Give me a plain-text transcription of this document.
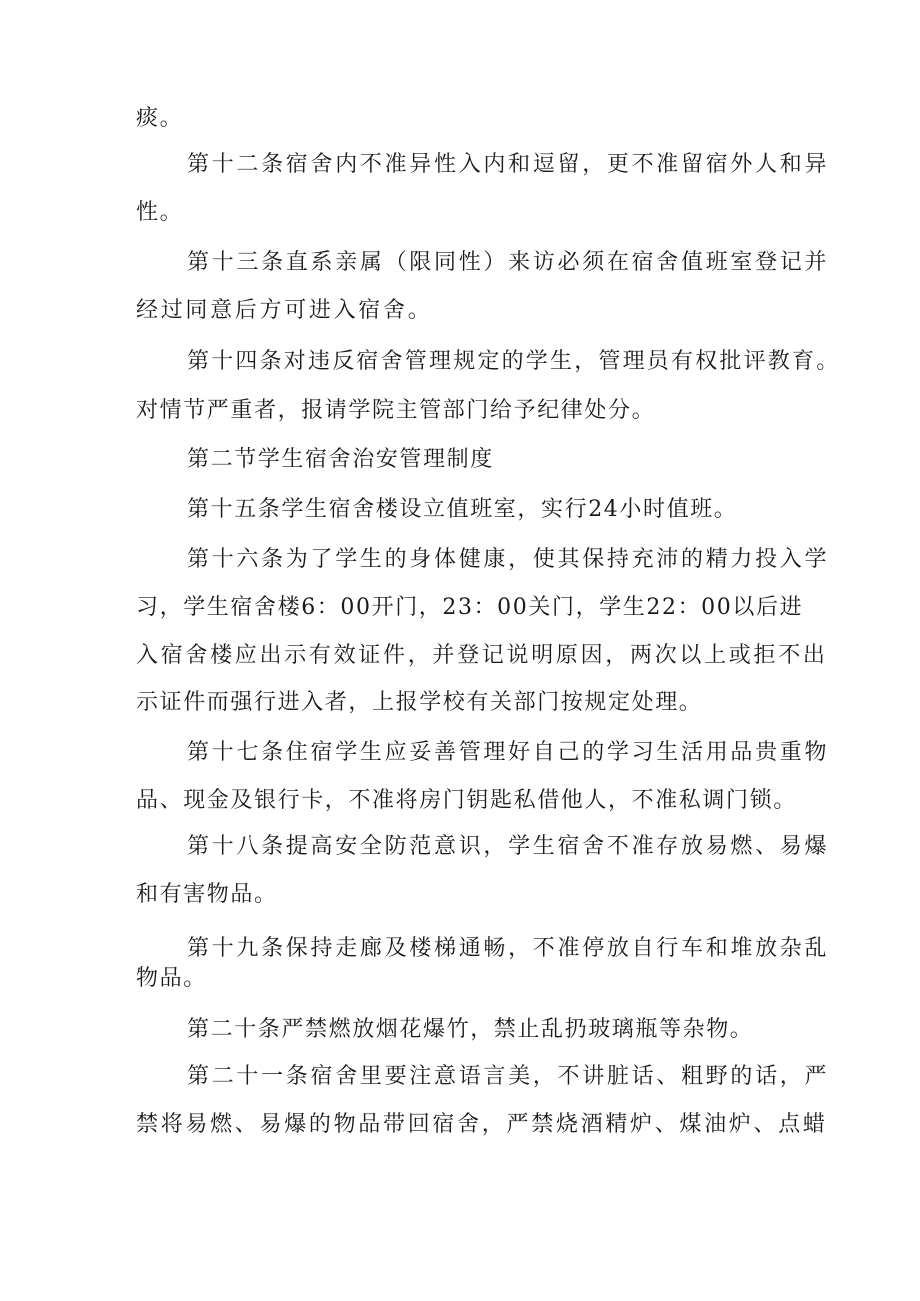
痰。
第十二条宿舍内不准异性入内和逗留，更不准留宿外人和异
性。
第十三条直系亲属（限同性）来访必须在宿舍值班室登记并
经过同意后方可进入宿舍。
第十四条对违反宿舍管理规定的学生，管理员有权批评教育。
对情节严重者，报请学院主管部门给予纪律处分。
第二节学生宿舍治安管理制度
第十五条学生宿舍楼设立值班室，实行24小时值班。
第十六条为了学生的身体健康，使其保持充沛的精力投入学
习，学生宿舍楼6：00开门，23：00关门，学生22：00以后进
入宿舍楼应出示有效证件，并登记说明原因，两次以上或拒不出
示证件而强行进入者，上报学校有关部门按规定处理。
第十七条住宿学生应妥善管理好自己的学习生活用品贵重物
品、现金及银行卡，不准将房门钥匙私借他人，不准私调门锁。
第十八条提高安全防范意识，学生宿舍不准存放易燃、易爆
和有害物品。
第十九条保持走廊及楼梯通畅，不准停放自行车和堆放杂乱
物品。
第二十条严禁燃放烟花爆竹，禁止乱扔玻璃瓶等杂物。
第二十一条宿舍里要注意语言美，不讲脏话、粗野的话，严
禁将易燃、易爆的物品带回宿舍，严禁烧酒精炉、煤油炉、点蜡
